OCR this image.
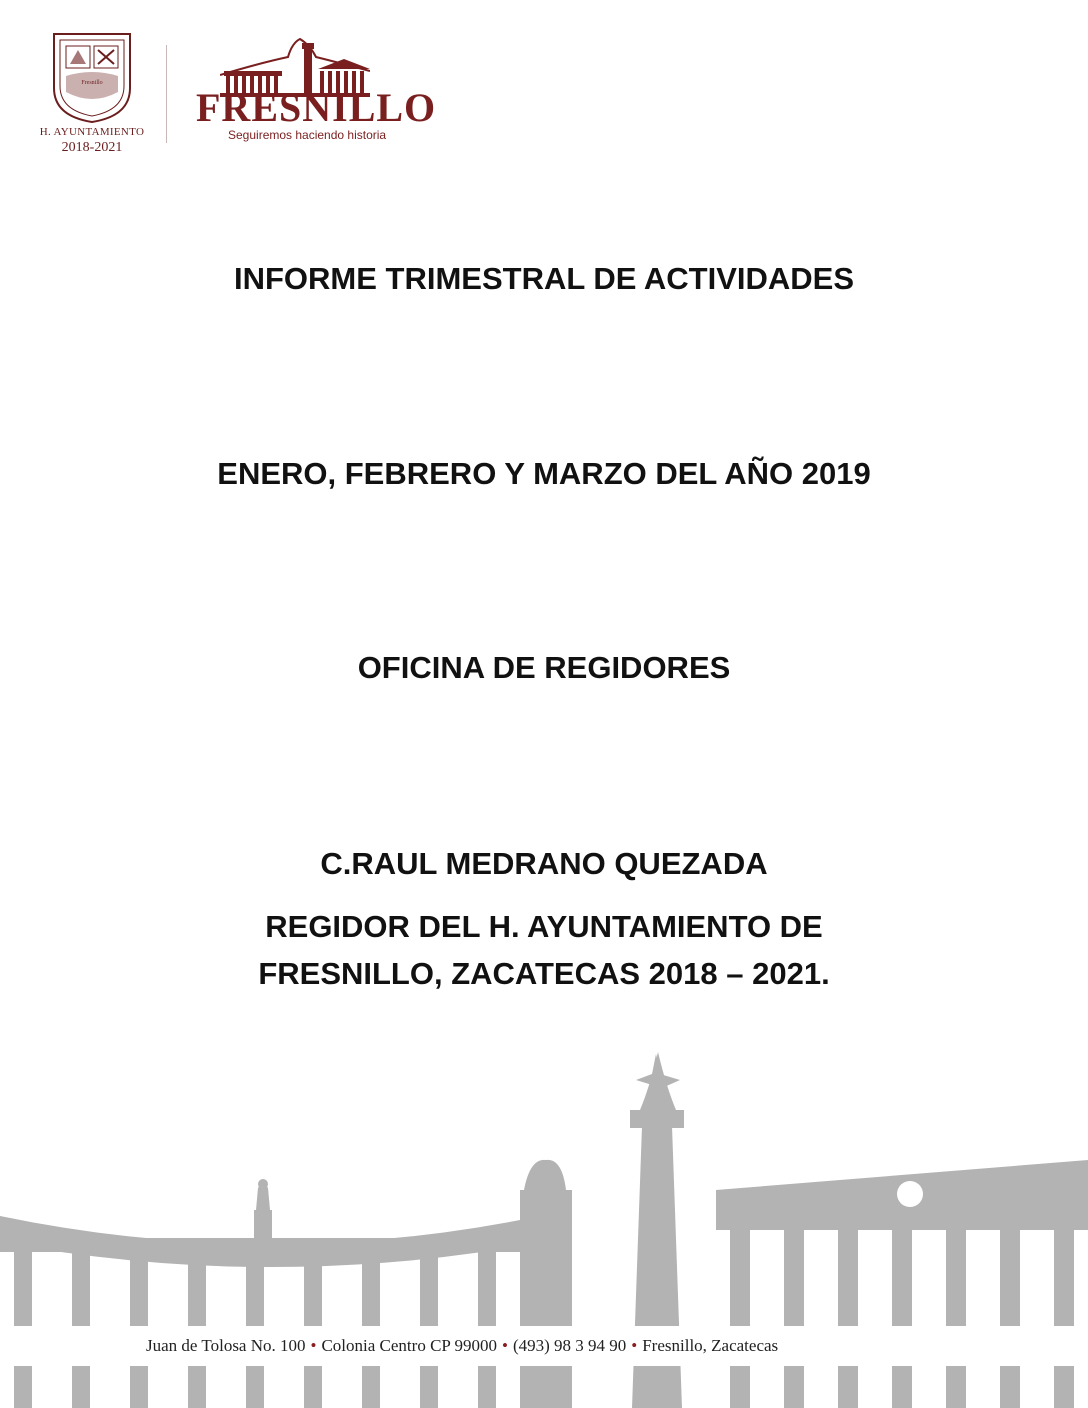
Fresnillo
H. AYUNTAMIENTO
2018-2021
FRESNILLO
Seguiremos haciendo historia
INFORME TRIMESTRAL DE ACTIVIDADES
ENERO, FEBRERO Y MARZO DEL AÑO 2019
OFICINA DE REGIDORES
C.RAUL MEDRANO QUEZADA
REGIDOR DEL H. AYUNTAMIENTO DE
FRESNILLO, ZACATECAS 2018 – 2021.
Juan de Tolosa No. 100 • Colonia Centro CP 99000 • (493) 98 3 94 90 • Fresnillo, Zacatecas
